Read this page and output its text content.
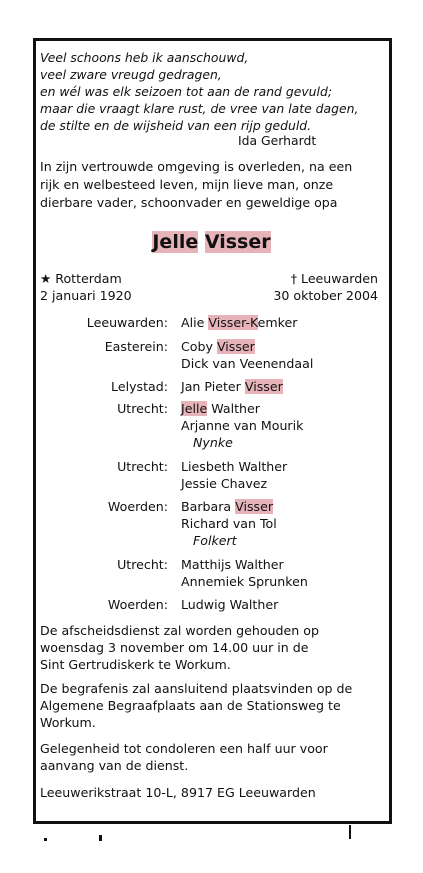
Veel schoons heb ik aanschouwd,
veel zware vreugd gedragen,
en wél was elk seizoen tot aan de rand gevuld;
maar die vraagt klare rust, de vree van late dagen,
de stilte en de wijsheid van een rijp geduld.
Ida Gerhardt
In zijn vertrouwde omgeving is overleden, na een
rijk en welbesteed leven, mijn lieve man, onze
dierbare vader, schoonvader en geweldige opa
Jelle Visser
★ Rotterdam
2 januari 1920
† Leeuwarden
30 oktober 2004
Leeuwarden: Alie Visser-Kemker
Easterein: Coby Visser
Dick van Veenendaal
Lelystad: Jan Pieter Visser
Utrecht: Jelle Walther
Arjanne van Mourik
Nynke
Utrecht: Liesbeth Walther
Jessie Chavez
Woerden: Barbara Visser
Richard van Tol
Folkert
Utrecht: Matthijs Walther
Annemiek Sprunken
Woerden: Ludwig Walther
De afscheidsdienst zal worden gehouden op
woensdag 3 november om 14.00 uur in de
Sint Gertrudiskerk te Workum.
De begrafenis zal aansluitend plaatsvinden op de
Algemene Begraafplaats aan de Stationsweg te
Workum.
Gelegenheid tot condoleren een half uur voor
aanvang van de dienst.
Leeuwerikstraat 10-L, 8917 EG Leeuwarden
